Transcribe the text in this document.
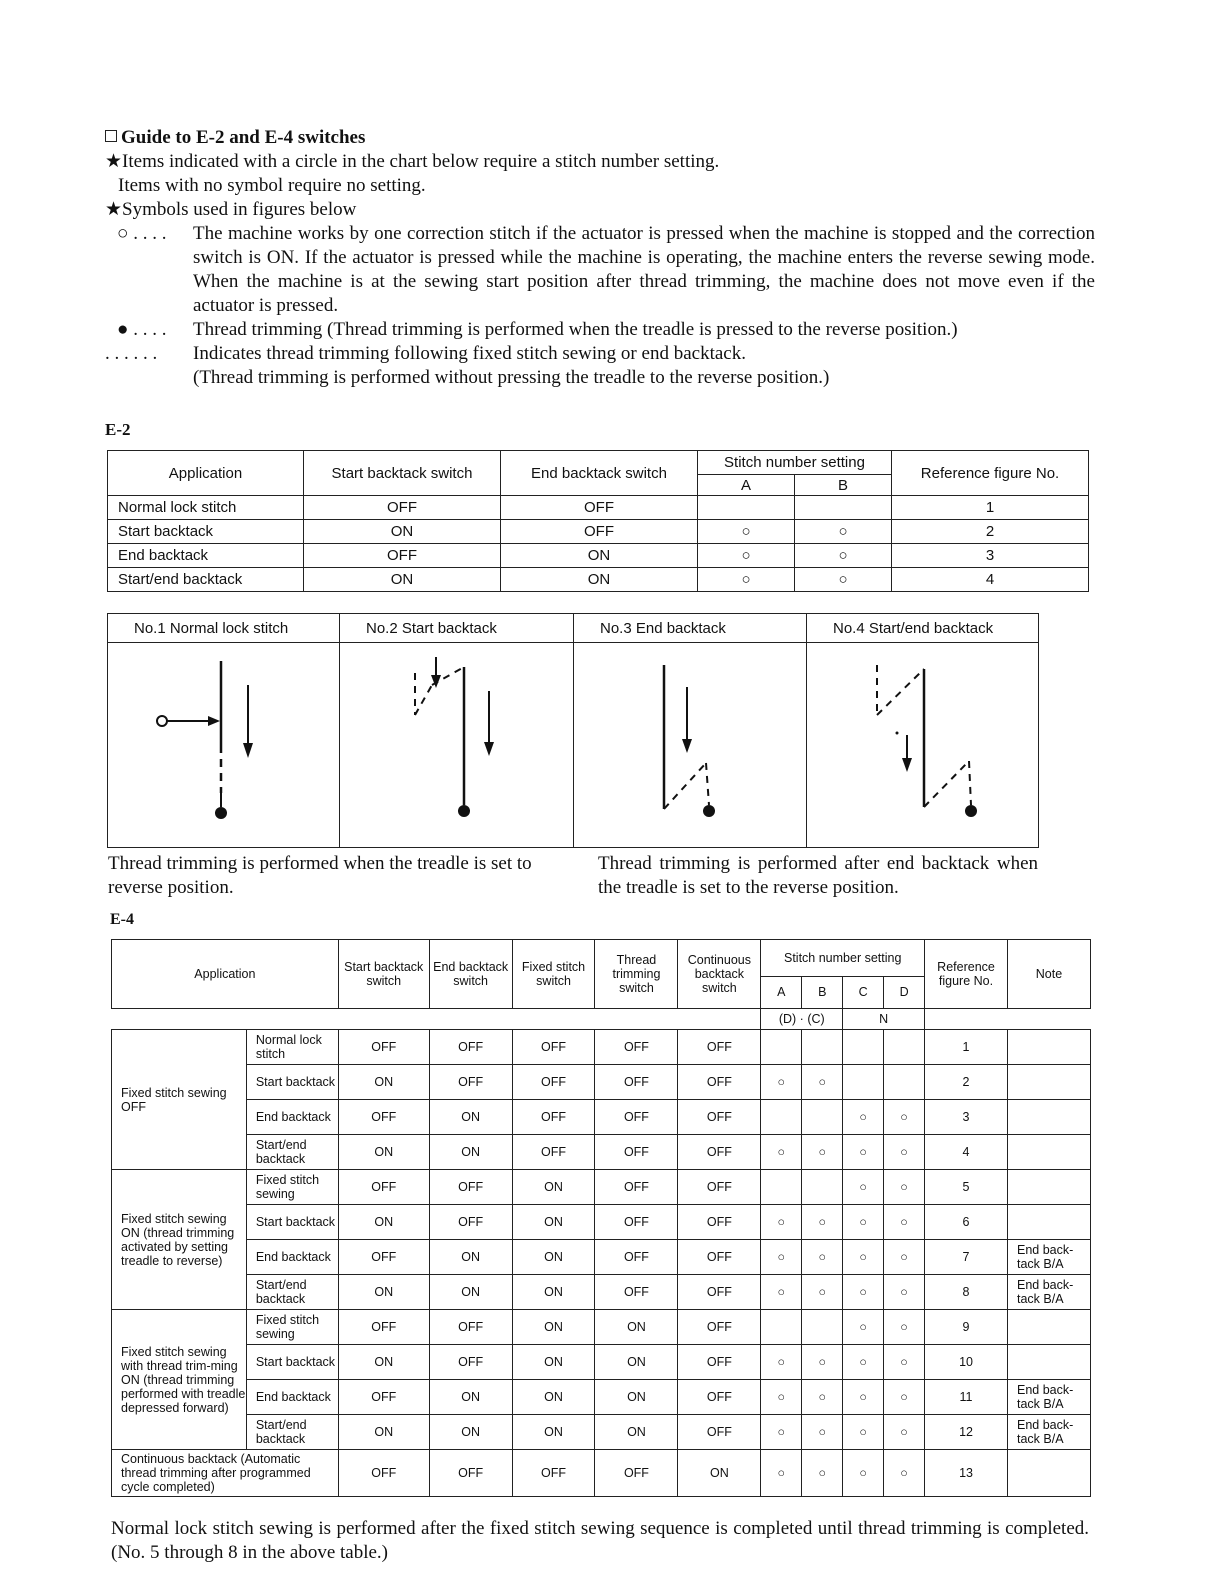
Guide to E-2 and E-4 switches
★Items indicated with a circle in the chart below require a stitch number setting.
Items with no symbol require no setting.
★Symbols used in figures below
○ . . . .	The machine works by one correction stitch if the actuator is pressed when the machine is stopped and the correction switch is ON. If the actuator is pressed while the machine is operating, the machine enters the reverse sewing mode. When the machine is at the sewing start position after thread trimming, the machine does not move even if the actuator is pressed.
● . . . .	Thread trimming (Thread trimming is performed when the treadle is pressed to the reverse position.)
. . . . . .	Indicates thread trimming following fixed stitch sewing or end backtack.
(Thread trimming is performed without pressing the treadle to the reverse position.)
E-2
Application	Start backtack switch	End backtack switch	Stitch number setting		Reference figure No.
			A	B	
Normal lock stitch	OFF	OFF			1
Start backtack	ON	OFF	○	○	2
End backtack	OFF	ON	○	○	3
Start/end backtack	ON	ON	○	○	4
No.1 Normal lock stitch	No.2 Start backtack	No.3 End backtack	No.4 Start/end backtack

Thread trimming is performed when the treadle is set to reverse position.
Thread trimming is performed after end backtack when the treadle is set to the reverse position.
E-4
Application		Start backtack switch	End backtack switch	Fixed stitch switch	Thread trimming switch	Continuous backtack switch	Stitch number setting				Reference figure No.	Note
							A	B	C	D		
							(D) · (C)		N			
Fixed stitch sewing OFF	Normal lock stitch	OFF	OFF	OFF	OFF	OFF					1	
	Start backtack	ON	OFF	OFF	OFF	OFF	○	○			2	
	End backtack	OFF	ON	OFF	OFF	OFF			○	○	3	
	Start/end backtack	ON	ON	OFF	OFF	OFF	○	○	○	○	4	
Fixed stitch sewing ON (thread trimming activated by setting treadle to reverse)	Fixed stitch sewing	OFF	OFF	ON	OFF	OFF			○	○	5	
	Start backtack	ON	OFF	ON	OFF	OFF	○	○	○	○	6	
	End backtack	OFF	ON	ON	OFF	OFF	○	○	○	○	7	End back-tack B/A
	Start/end backtack	ON	ON	ON	OFF	OFF	○	○	○	○	8	End back-tack B/A
Fixed stitch sewing with thread trim-ming ON (thread trimming performed with treadle depressed forward)	Fixed stitch sewing	OFF	OFF	ON	ON	OFF			○	○	9	
	Start backtack	ON	OFF	ON	ON	OFF	○	○	○	○	10	
	End backtack	OFF	ON	ON	ON	OFF	○	○	○	○	11	End back-tack B/A
	Start/end backtack	ON	ON	ON	ON	OFF	○	○	○	○	12	End back-tack B/A
Continuous backtack (Automatic thread trimming after programmed cycle completed)		OFF	OFF	OFF	OFF	ON	○	○	○	○	13	
Normal lock stitch sewing is performed after the fixed stitch sewing sequence is completed until thread trimming is completed. (No. 5 through 8 in the above table.)
